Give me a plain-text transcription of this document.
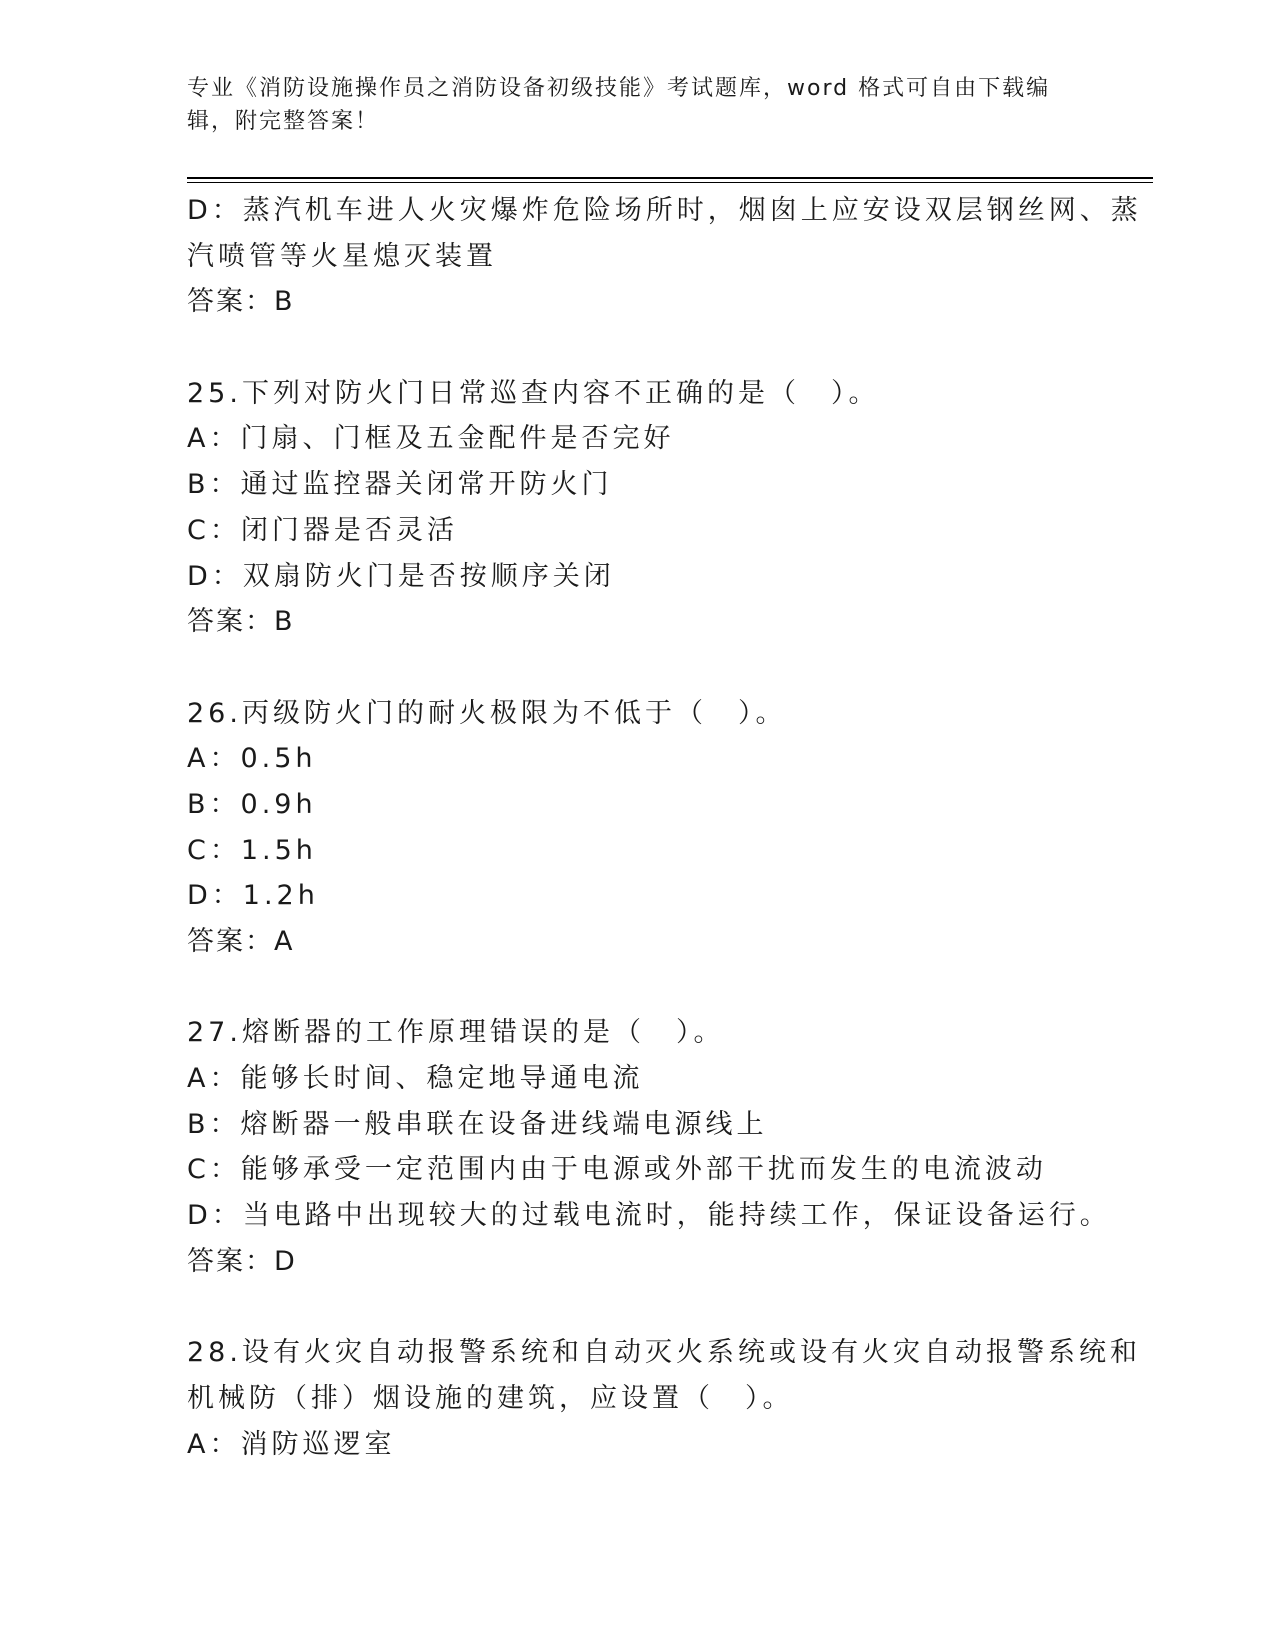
专业《消防设施操作员之消防设备初级技能》考试题库，word 格式可自由下载编
辑，附完整答案！
D：蒸汽机车进人火灾爆炸危险场所时，烟囱上应安设双层钢丝网、蒸
汽喷管等火星熄灭装置
答案：B
25.下列对防火门日常巡查内容不正确的是（　）。
A：门扇、门框及五金配件是否完好
B：通过监控器关闭常开防火门
C：闭门器是否灵活
D：双扇防火门是否按顺序关闭
答案：B
26.丙级防火门的耐火极限为不低于（　）。
A：0.5h
B：0.9h
C：1.5h
D：1.2h
答案：A
27.熔断器的工作原理错误的是（　）。
A：能够长时间、稳定地导通电流
B：熔断器一般串联在设备进线端电源线上
C：能够承受一定范围内由于电源或外部干扰而发生的电流波动
D：当电路中出现较大的过载电流时，能持续工作，保证设备运行。
答案：D
28.设有火灾自动报警系统和自动灭火系统或设有火灾自动报警系统和
机械防（排）烟设施的建筑，应设置（　）。
A：消防巡逻室
